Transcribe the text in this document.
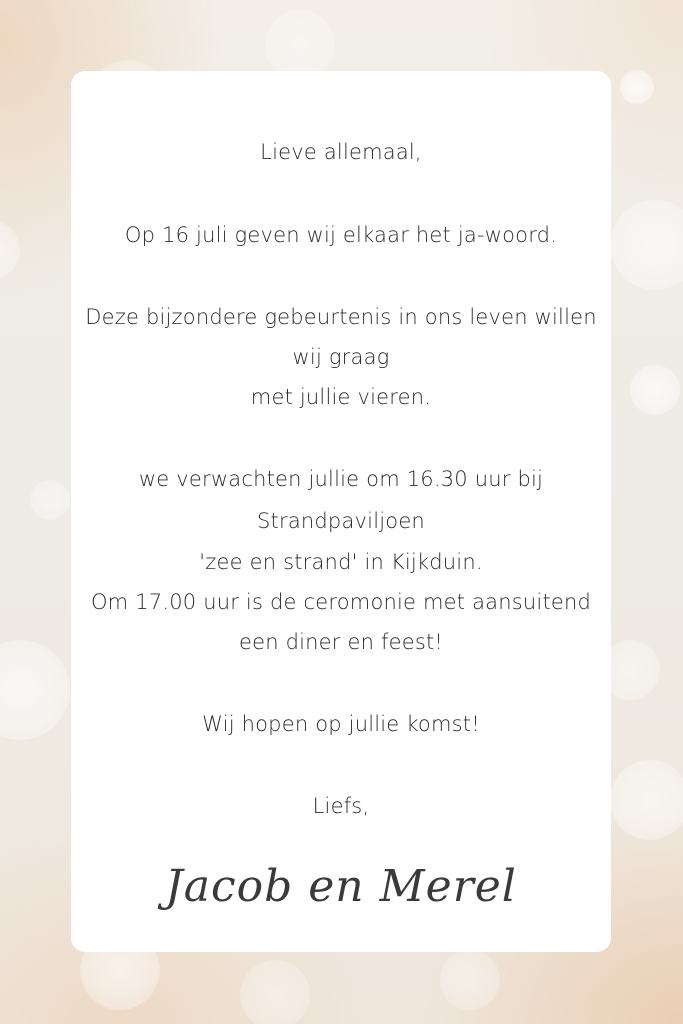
Lieve allemaal,
Op 16 juli geven wij elkaar het ja-woord.
Deze bijzondere gebeurtenis in ons leven willen
wij graag
met jullie vieren.
we verwachten jullie om 16.30 uur bij
Strandpaviljoen
'zee en strand' in Kijkduin.
Om 17.00 uur is de ceromonie met aansuitend
een diner en feest!
Wij hopen op jullie komst!
Liefs,
Jacob en Merel
